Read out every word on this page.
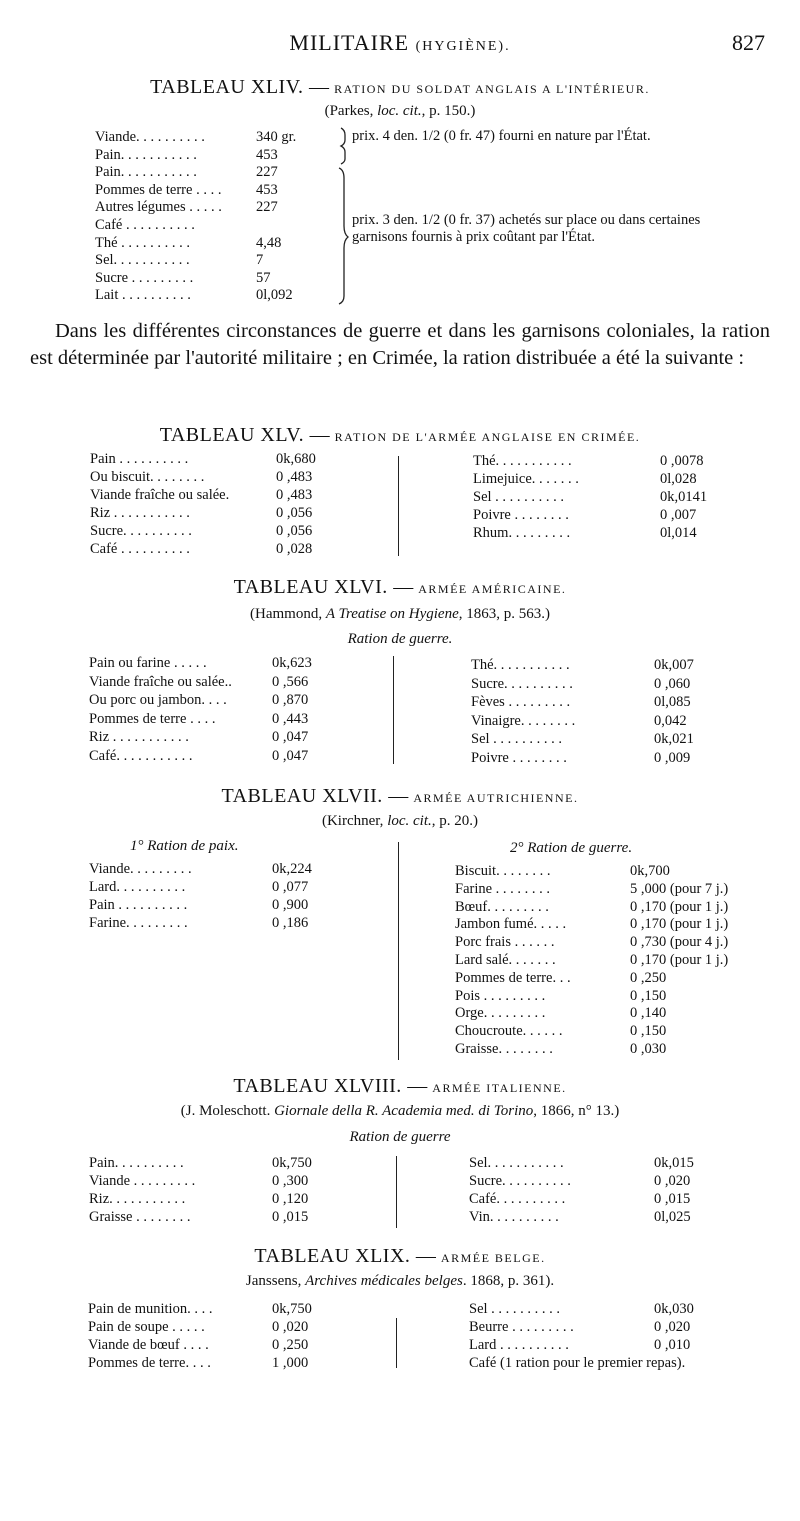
MILITAIRE (HYGIÈNE).	827
TABLEAU XLIV. — RATION DU SOLDAT ANGLAIS A L'INTÉRIEUR.
(Parkes, loc. cit., p. 150.)
Viande. . . . . . . . . .	340 gr.
Pain. . . . . . . . . . .	453
Pain. . . . . . . . . . .	227
Pommes de terre . . . .	453
Autres légumes . . . . .	227
Café . . . . . . . . . .
Thé . . . . . . . . . .	4,48
Sel. . . . . . . . . . .	7
Sucre . . . . . . . . .	57
Lait . . . . . . . . . .	0l,092
prix. 4 den. 1/2 (0 fr. 47) fourni en nature par l'État.
prix. 3 den. 1/2 (0 fr. 37) achetés sur place ou dans certaines garnisons fournis à prix coûtant par l'État.
Dans les différentes circonstances de guerre et dans les garnisons coloniales, la ration est déterminée par l'autorité militaire ; en Crimée, la ration distribuée a été la suivante :
TABLEAU XLV. — RATION DE L'ARMÉE ANGLAISE EN CRIMÉE.
Pain . . . . . . . . . .	0k,680
Ou biscuit. . . . . . . .	0 ,483
Viande fraîche ou salée.	0 ,483
Riz . . . . . . . . . . .	0 ,056
Sucre. . . . . . . . . .	0 ,056
Café . . . . . . . . . .	0 ,028
Thé. . . . . . . . . . .	0 ,0078
Limejuice. . . . . . .	0l,028
Sel . . . . . . . . . .	0k,0141
Poivre . . . . . . . .	0 ,007
Rhum. . . . . . . . .	0l,014
TABLEAU XLVI. — ARMÉE AMÉRICAINE.
(Hammond, A Treatise on Hygiene, 1863, p. 563.)
Ration de guerre.
Pain ou farine . . . . .	0k,623
Viande fraîche ou salée..	0 ,566
Ou porc ou jambon. . . .	0 ,870
Pommes de terre . . . .	0 ,443
Riz . . . . . . . . . . .	0 ,047
Café. . . . . . . . . . .	0 ,047
Thé. . . . . . . . . . .	0k,007
Sucre. . . . . . . . . .	0 ,060
Fèves . . . . . . . . .	0l,085
Vinaigre. . . . . . . .	0,042
Sel . . . . . . . . . .	0k,021
Poivre . . . . . . . .	0 ,009
TABLEAU XLVII. — ARMÉE AUTRICHIENNE.
(Kirchner, loc. cit., p. 20.)
1° Ration de paix.	2° Ration de guerre.
Viande. . . . . . . . .	0k,224
Lard. . . . . . . . . .	0 ,077
Pain . . . . . . . . . .	0 ,900
Farine. . . . . . . . .	0 ,186
Biscuit. . . . . . . .	0k,700
Farine . . . . . . . .	5 ,000 (pour 7 j.)
Bœuf. . . . . . . . .	0 ,170 (pour 1 j.)
Jambon fumé. . . . .	0 ,170 (pour 1 j.)
Porc frais . . . . . .	0 ,730 (pour 4 j.)
Lard salé. . . . . . .	0 ,170 (pour 1 j.)
Pommes de terre. . .	0 ,250
Pois . . . . . . . . .	0 ,150
Orge. . . . . . . . .	0 ,140
Choucroute. . . . . .	0 ,150
Graisse. . . . . . . .	0 ,030
TABLEAU XLVIII. — ARMÉE ITALIENNE.
(J. Moleschott. Giornale della R. Academia med. di Torino, 1866, n° 13.)
Ration de guerre
Pain. . . . . . . . . .	0k,750
Viande . . . . . . . . .	0 ,300
Riz. . . . . . . . . . .	0 ,120
Graisse . . . . . . . .	0 ,015
Sel. . . . . . . . . . .	0k,015
Sucre. . . . . . . . . .	0 ,020
Café. . . . . . . . . .	0 ,015
Vin. . . . . . . . . .	0l,025
TABLEAU XLIX. — ARMÉE BELGE.
Janssens, Archives médicales belges. 1868, p. 361).
Pain de munition. . . .	0k,750
Pain de soupe . . . . .	0 ,020
Viande de bœuf . . . .	0 ,250
Pommes de terre. . . .	1 ,000
Sel . . . . . . . . . .	0k,030
Beurre . . . . . . . . .	0 ,020
Lard . . . . . . . . . .	0 ,010
Café (1 ration pour le premier repas).
